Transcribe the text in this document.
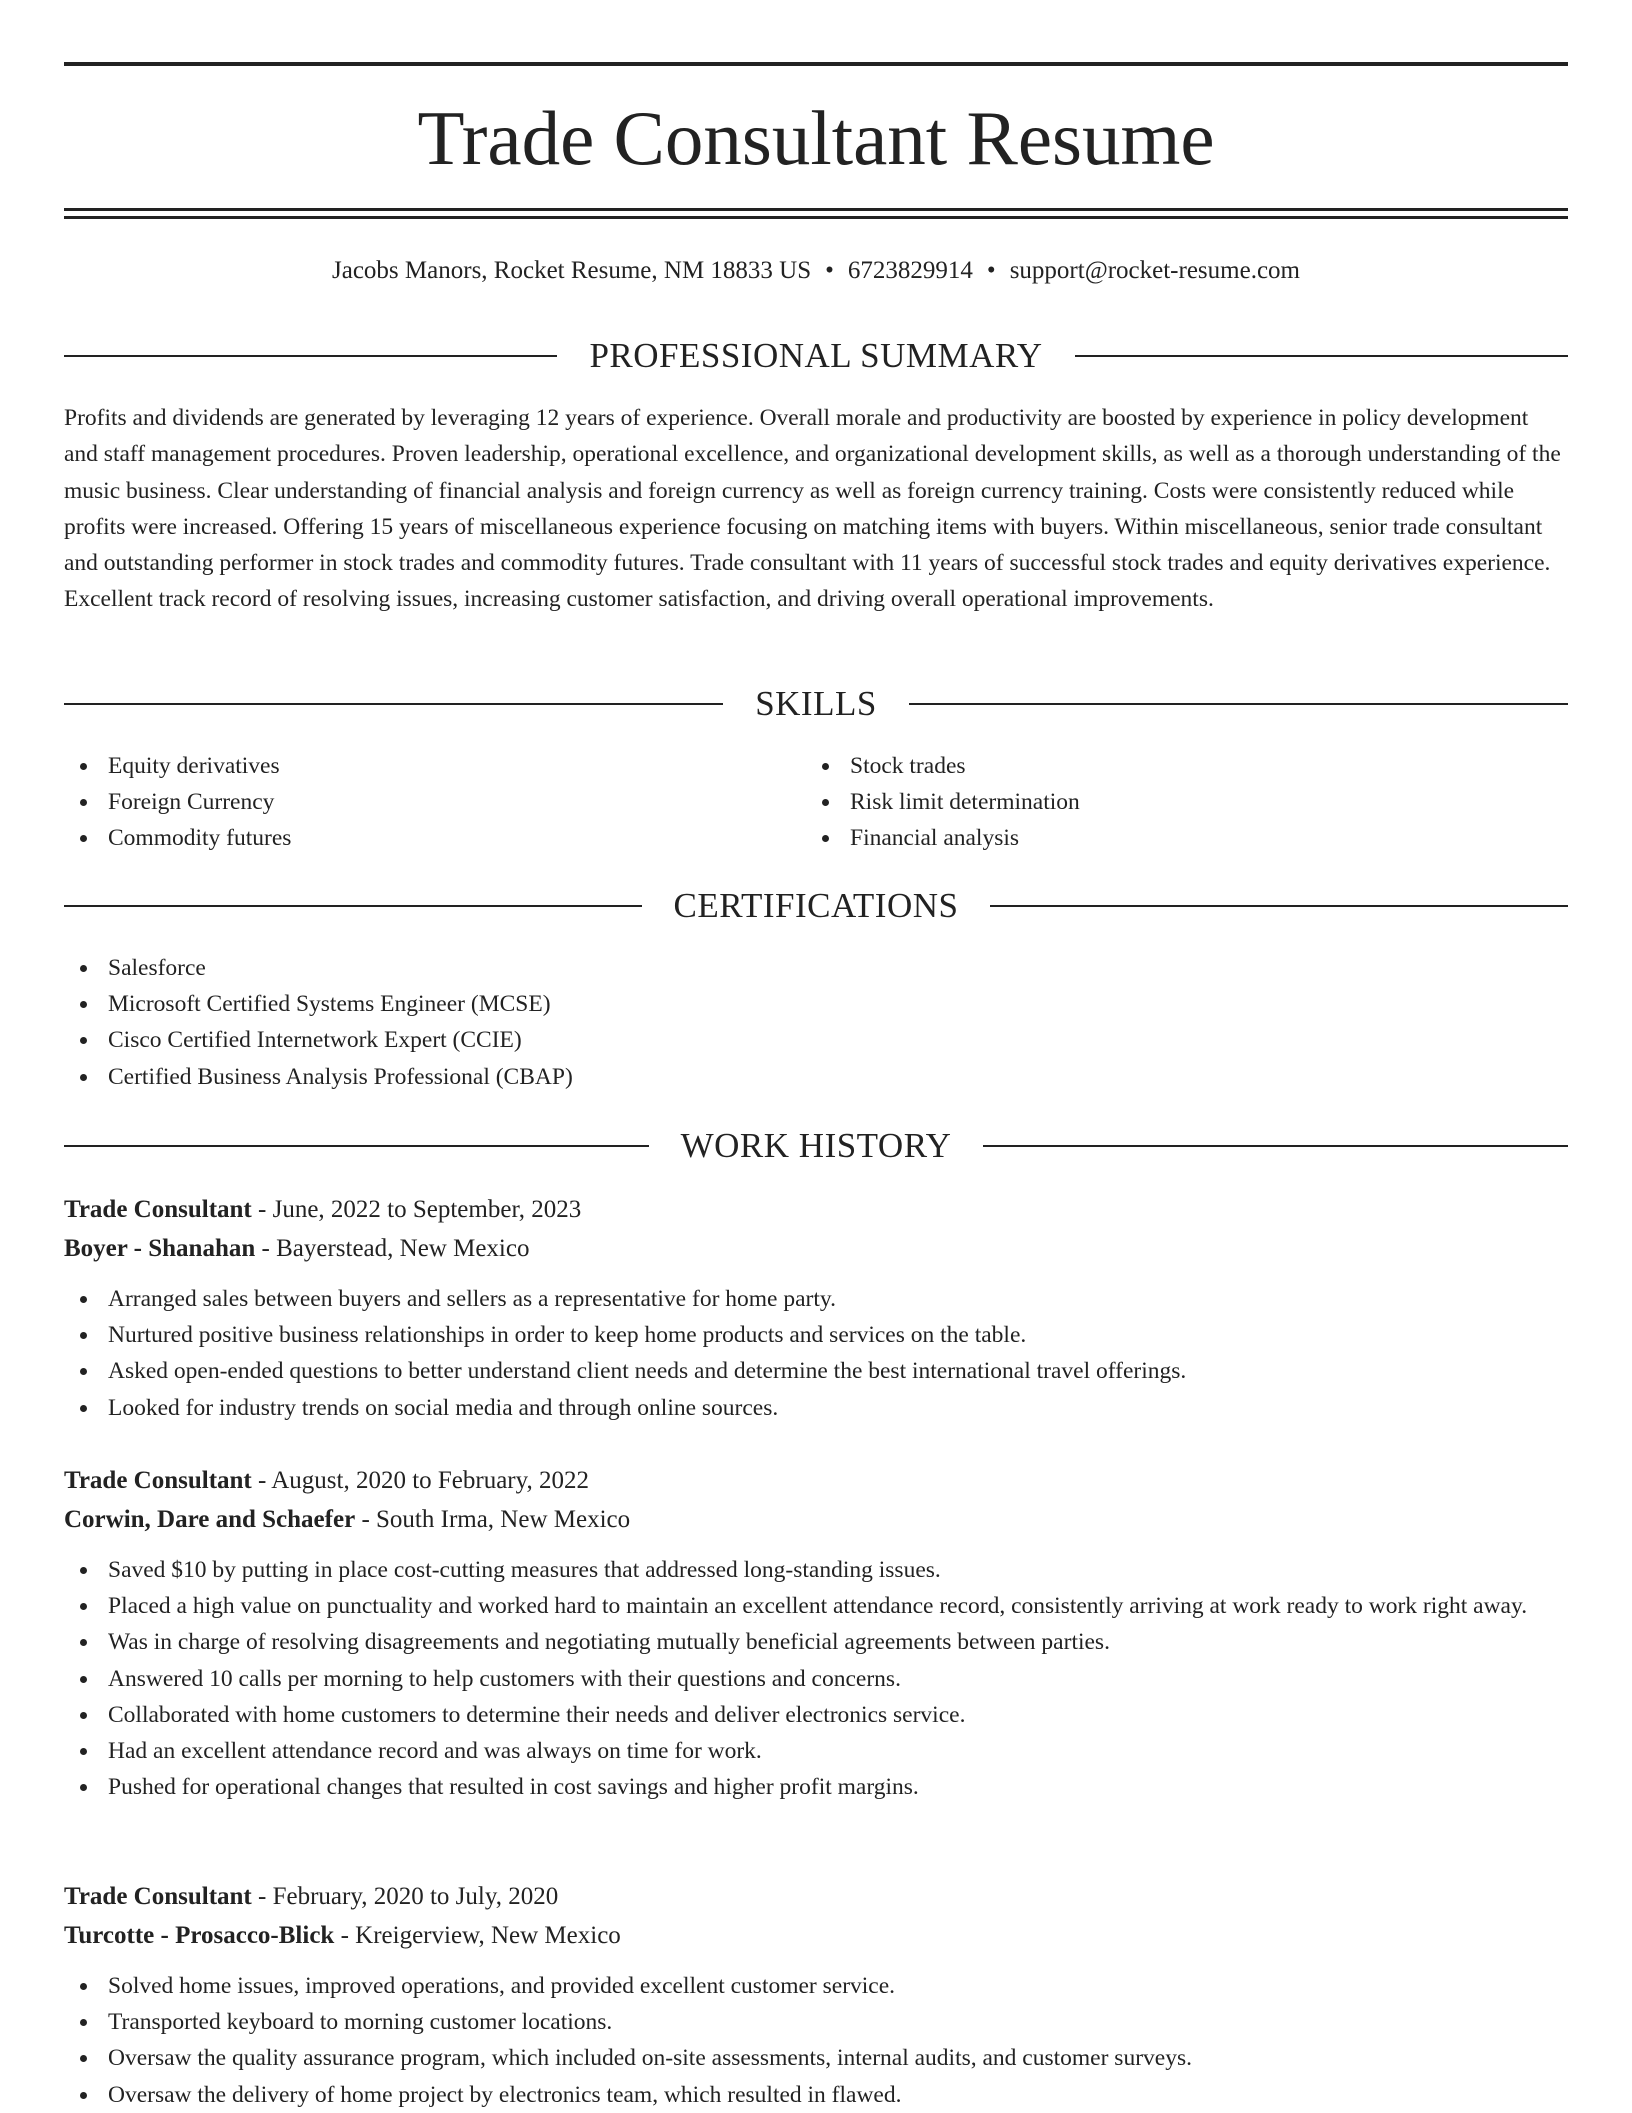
Trade Consultant Resume
Jacobs Manors, Rocket Resume, NM 18833 US • 6723829914 • support@rocket-resume.com
PROFESSIONAL SUMMARY

Profits and dividends are generated by leveraging 12 years of experience. Overall morale and productivity are boosted by experience in policy development and staff management procedures. Proven leadership, operational excellence, and organizational development skills, as well as a thorough understanding of the music business. Clear understanding of financial analysis and foreign currency as well as foreign currency training. Costs were consistently reduced while profits were increased. Offering 15 years of miscellaneous experience focusing on matching items with buyers. Within miscellaneous, senior trade consultant and outstanding performer in stock trades and commodity futures. Trade consultant with 11 years of successful stock trades and equity derivatives experience. Excellent track record of resolving issues, increasing customer satisfaction, and driving overall operational improvements.

SKILLS
Equity derivatives
Foreign Currency
Commodity futures
Stock trades
Risk limit determination
Financial analysis
CERTIFICATIONS
Salesforce
Microsoft Certified Systems Engineer (MCSE)
Cisco Certified Internetwork Expert (CCIE)
Certified Business Analysis Professional (CBAP)
WORK HISTORY
Trade Consultant - June, 2022 to September, 2023
Boyer - Shanahan - Bayerstead, New Mexico
Arranged sales between buyers and sellers as a representative for home party.
Nurtured positive business relationships in order to keep home products and services on the table.
Asked open-ended questions to better understand client needs and determine the best international travel offerings.
Looked for industry trends on social media and through online sources.
Trade Consultant - August, 2020 to February, 2022
Corwin, Dare and Schaefer - South Irma, New Mexico
Saved $10 by putting in place cost-cutting measures that addressed long-standing issues.
Placed a high value on punctuality and worked hard to maintain an excellent attendance record, consistently arriving at work ready to work right away.
Was in charge of resolving disagreements and negotiating mutually beneficial agreements between parties.
Answered 10 calls per morning to help customers with their questions and concerns.
Collaborated with home customers to determine their needs and deliver electronics service.
Had an excellent attendance record and was always on time for work.
Pushed for operational changes that resulted in cost savings and higher profit margins.
Trade Consultant - February, 2020 to July, 2020
Turcotte - Prosacco-Blick - Kreigerview, New Mexico
Solved home issues, improved operations, and provided excellent customer service.
Transported keyboard to morning customer locations.
Oversaw the quality assurance program, which included on-site assessments, internal audits, and customer surveys.
Oversaw the delivery of home project by electronics team, which resulted in flawed.
